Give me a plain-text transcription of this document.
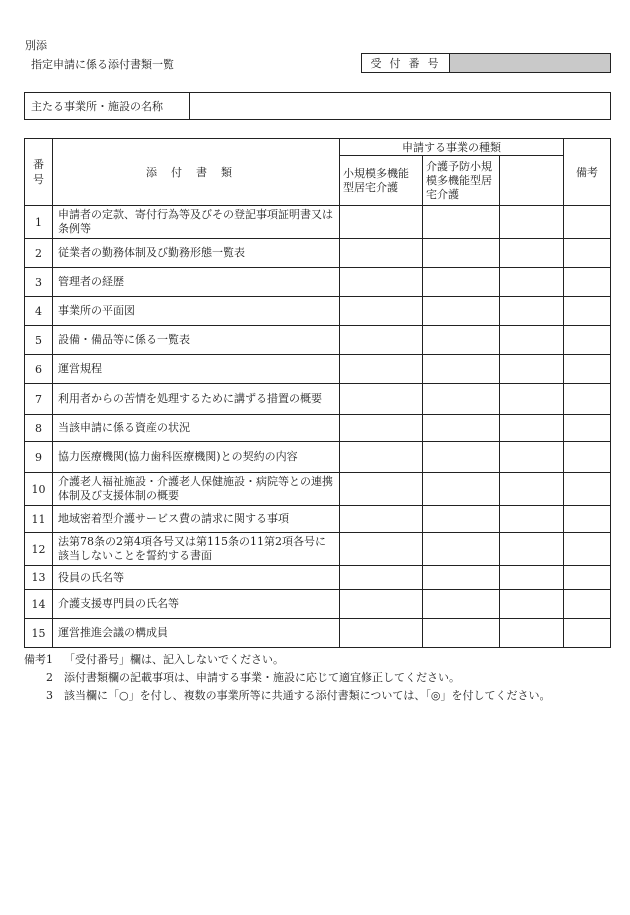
別添
指定申請に係る添付書類一覧	受付番号
主たる事業所・施設の名称
番号	添付書類	申請する事業の種類			備考
		小規模多機能型居宅介護	介護予防小規模多機能型居宅介護		
1	申請者の定款、寄付行為等及びその登記事項証明書又は条例等				
2	従業者の勤務体制及び勤務形態一覧表				
3	管理者の経歴				
4	事業所の平面図				
5	設備・備品等に係る一覧表				
6	運営規程				
7	利用者からの苦情を処理するために講ずる措置の概要				
8	当該申請に係る資産の状況				
9	協力医療機関(協力歯科医療機関)との契約の内容				
10	介護老人福祉施設・介護老人保健施設・病院等との連携体制及び支援体制の概要				
11	地域密着型介護サービス費の請求に関する事項				
12	法第78条の2第4項各号又は第115条の11第2項各号に該当しないことを誓約する書面				
13	役員の氏名等				
14	介護支援専門員の氏名等				
15	運営推進会議の構成員				
備考1　 「受付番号」欄は、記入しないでください。
　　2　 添付書類欄の記載事項は、申請する事業・施設に応じて適宜修正してください。
　　3　 該当欄に「○」を付し、複数の事業所等に共通する添付書類については、「◎」を付してください。
